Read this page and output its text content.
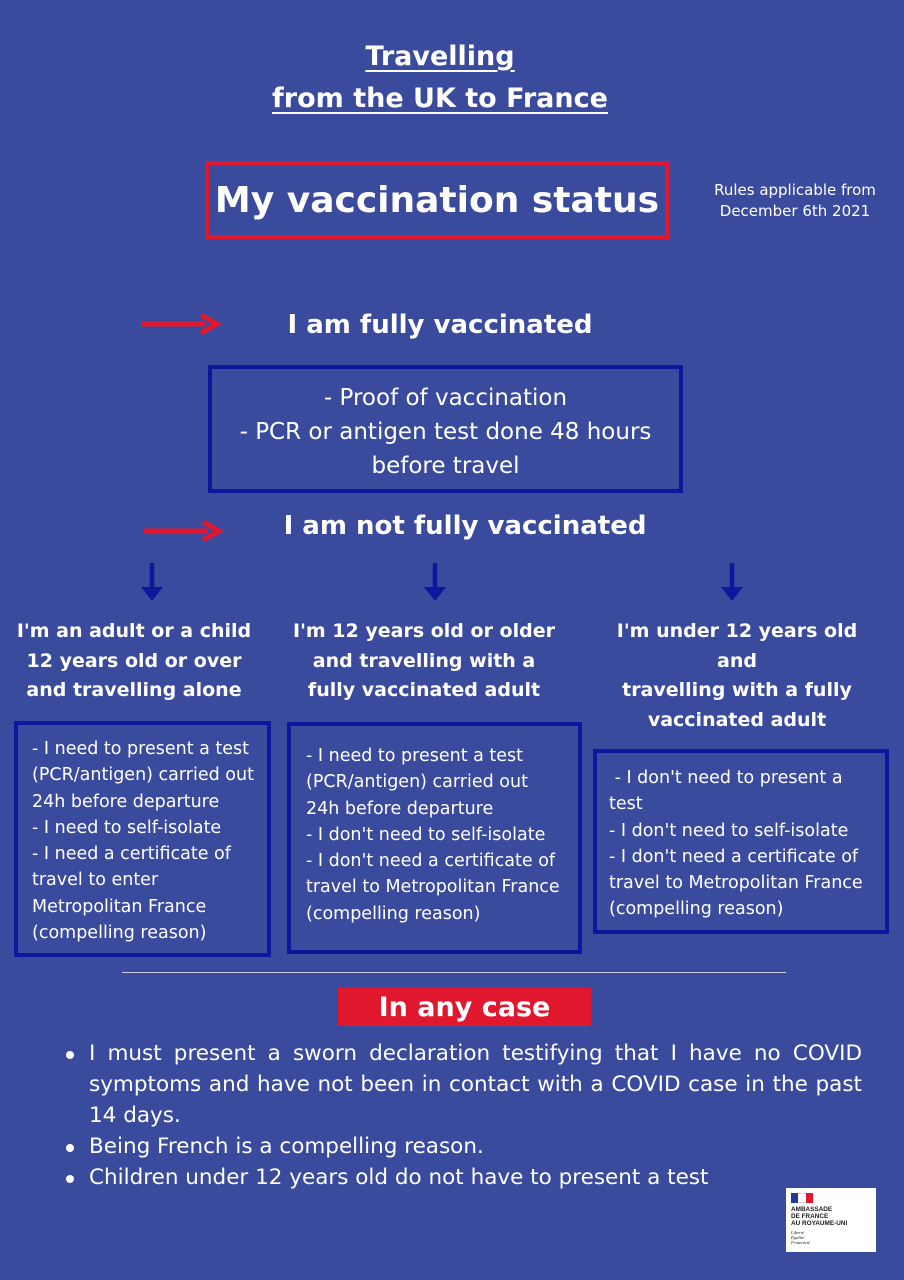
Travelling
from the UK to France
My vaccination status	Rules applicable from
December 6th 2021
I am fully vaccinated
- Proof of vaccination
- PCR or antigen test done 48 hours
before travel
I am not fully vaccinated
I'm an adult or a child
12 years old or over
and travelling alone
I'm 12 years old or older
and travelling with a
fully vaccinated adult
I'm under 12 years old and
travelling with a fully
vaccinated adult
- I need to present a test
(PCR/antigen) carried out
24h before departure
- I need to self-isolate
- I need a certificate of
travel to enter
Metropolitan France
(compelling reason)
- I need to present a test
(PCR/antigen) carried out
24h before departure
- I don't need to self-isolate
- I don't need a certificate of
travel to Metropolitan France
(compelling reason)
- I don't need to present a
test
- I don't need to self-isolate
- I don't need a certificate of
travel to Metropolitan France
(compelling reason)
In any case
I must present a sworn declaration testifying that I have no COVID symptoms and have not been in contact with a COVID case in the past 14 days.
Being French is a compelling reason.
Children under 12 years old do not have to present a test
AMBASSADE
DE FRANCE
AU ROYAUME-UNI
Liberté
Égalité
Fraternité
